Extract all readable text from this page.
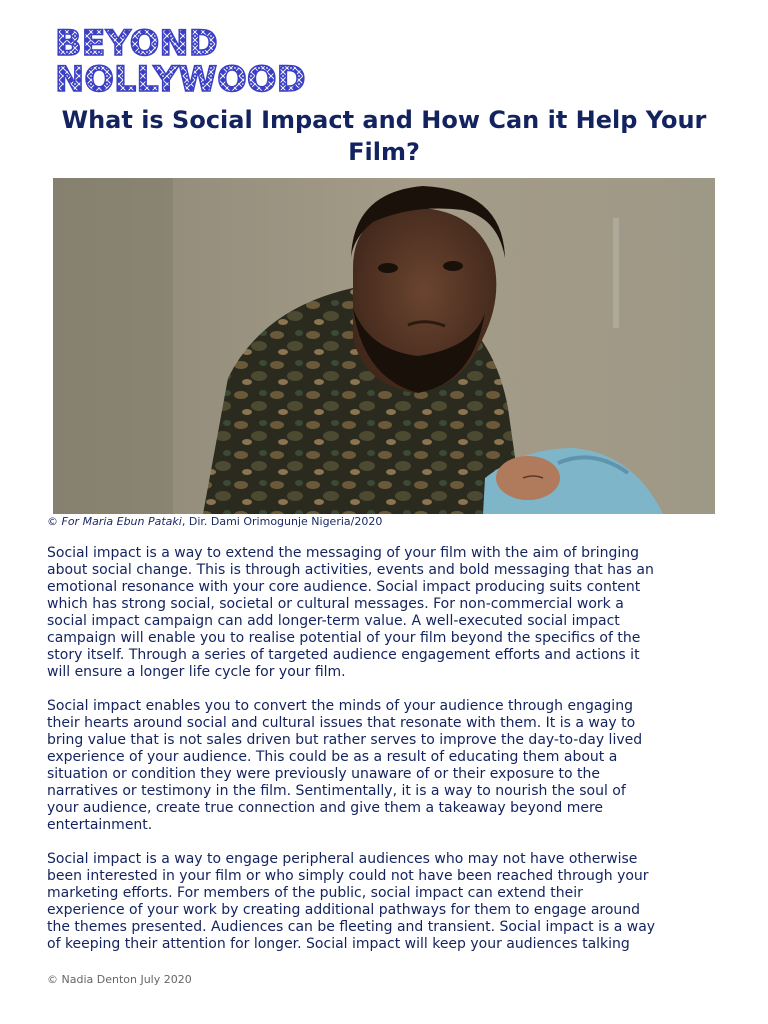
BEYOND
NOLLYWOOD
What is Social Impact and How Can it Help Your Film?
© For Maria Ebun Pataki, Dir. Dami Orimogunje Nigeria/2020

Social impact is a way to extend the messaging of your film with the aim of bringing
about social change. This is through activities, events and bold messaging that has an
emotional resonance with your core audience. Social impact producing suits content
which has strong social, societal or cultural messages. For non-commercial work a
social impact campaign can add longer-term value. A well-executed social impact
campaign will enable you to realise potential of your film beyond the specifics of the
story itself. Through a series of targeted audience engagement efforts and actions it
will ensure a longer life cycle for your film.

Social impact enables you to convert the minds of your audience through engaging
their hearts around social and cultural issues that resonate with them. It is a way to
bring value that is not sales driven but rather serves to improve the day-to-day lived
experience of your audience. This could be as a result of educating them about a
situation or condition they were previously unaware of or their exposure to the
narratives or testimony in the film. Sentimentally, it is a way to nourish the soul of
your audience, create true connection and give them a takeaway beyond mere
entertainment.

Social impact is a way to engage peripheral audiences who may not have otherwise
been interested in your film or who simply could not have been reached through your
marketing efforts. For members of the public, social impact can extend their
experience of your work by creating additional pathways for them to engage around
the themes presented. Audiences can be fleeting and transient. Social impact is a way
of keeping their attention for longer. Social impact will keep your audiences talking

© Nadia Denton July 2020
